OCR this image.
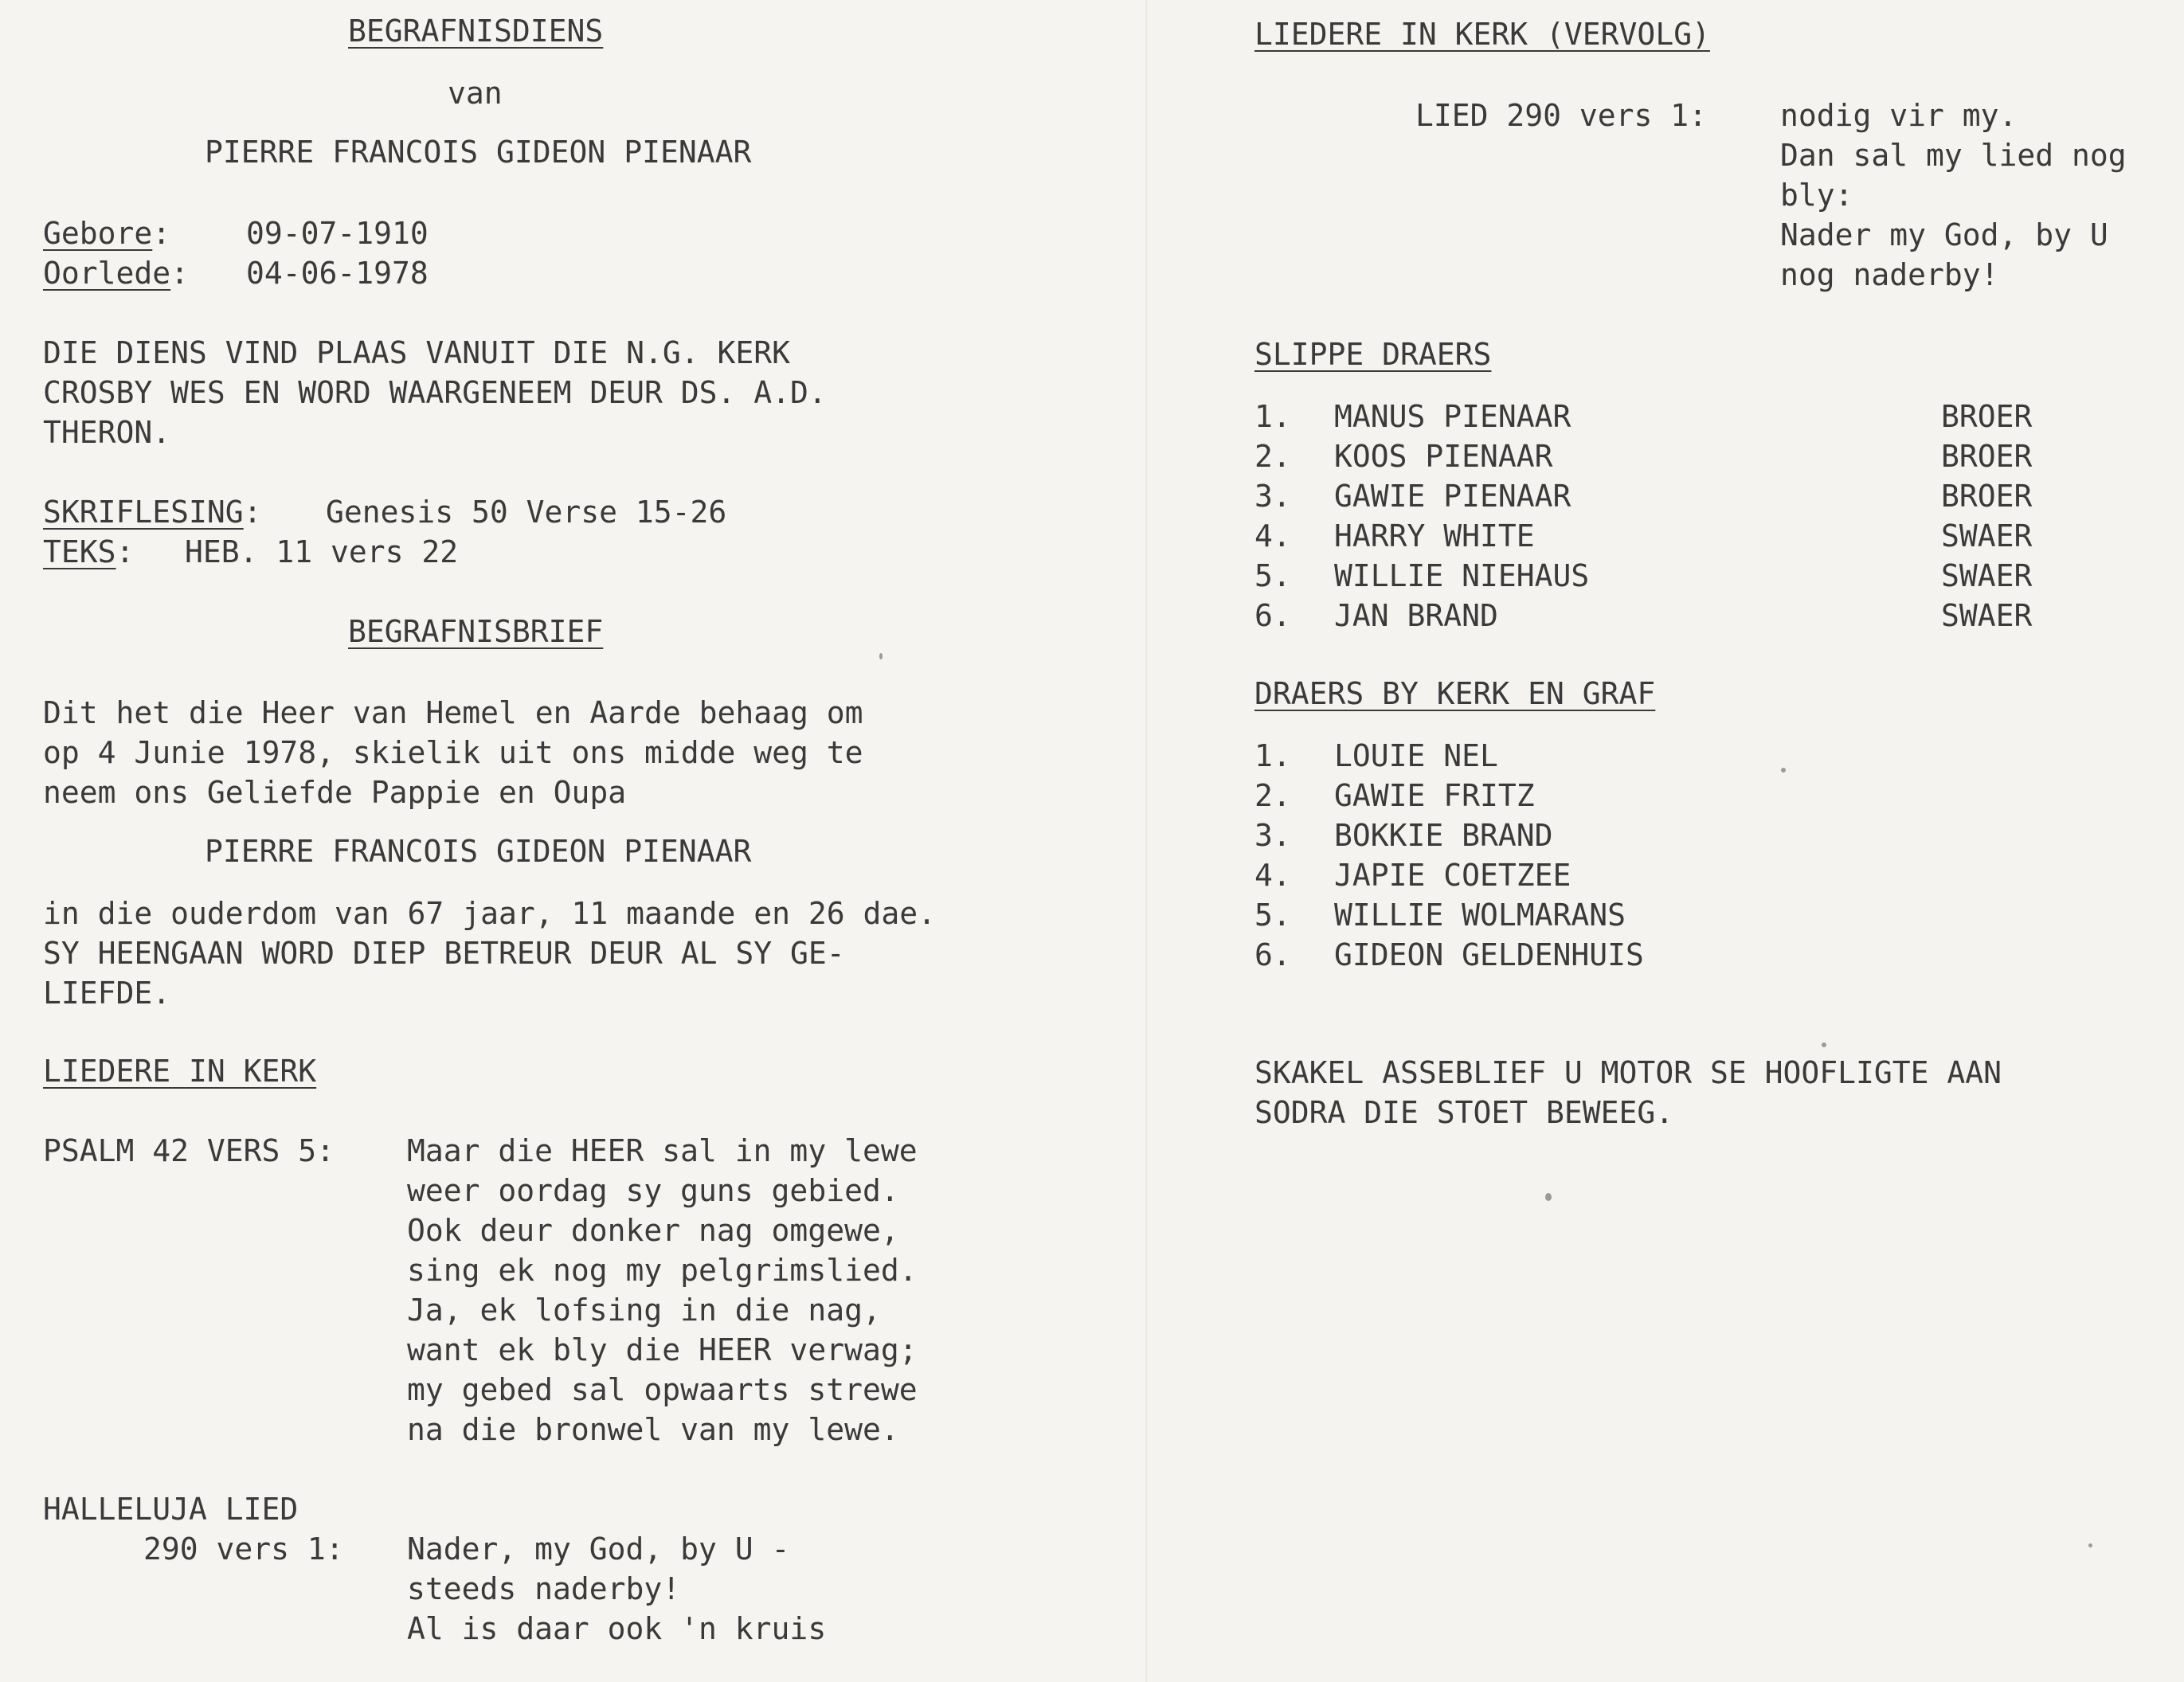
BEGRAFNISDIENS
van
PIERRE FRANCOIS GIDEON PIENAAR
Gebore: 09-07-1910
Oorlede: 04-06-1978
DIE DIENS VIND PLAAS VANUIT DIE N.G. KERK
CROSBY WES EN WORD WAARGENEEM DEUR DS. A.D.
THERON.
SKRIFLESING: Genesis 50 Verse 15-26
TEKS: HEB. 11 vers 22
BEGRAFNISBRIEF
Dit het die Heer van Hemel en Aarde behaag om
op 4 Junie 1978, skielik uit ons midde weg te
neem ons Geliefde Pappie en Oupa
PIERRE FRANCOIS GIDEON PIENAAR
in die ouderdom van 67 jaar, 11 maande en 26 dae.
SY HEENGAAN WORD DIEP BETREUR DEUR AL SY GE-
LIEFDE.
LIEDERE IN KERK
PSALM 42 VERS 5: Maar die HEER sal in my lewe
weer oordag sy guns gebied.
Ook deur donker nag omgewe,
sing ek nog my pelgrimslied.
Ja, ek lofsing in die nag,
want ek bly die HEER verwag;
my gebed sal opwaarts strewe
na die bronwel van my lewe.
HALLELUJA LIED
290 vers 1: Nader, my God, by U -
steeds naderby!
Al is daar ook 'n kruis
LIEDERE IN KERK (VERVOLG)
LIED 290 vers 1: nodig vir my.
Dan sal my lied nog
bly:
Nader my God, by U
nog naderby!
SLIPPE DRAERS
1. MANUS PIENAAR	BROER
2. KOOS PIENAAR	BROER
3. GAWIE PIENAAR	BROER
4. HARRY WHITE	SWAER
5. WILLIE NIEHAUS	SWAER
6. JAN BRAND	SWAER
DRAERS BY KERK EN GRAF
1. LOUIE NEL
2. GAWIE FRITZ
3. BOKKIE BRAND
4. JAPIE COETZEE
5. WILLIE WOLMARANS
6. GIDEON GELDENHUIS
SKAKEL ASSEBLIEF U MOTOR SE HOOFLIGTE AAN
SODRA DIE STOET BEWEEG.
